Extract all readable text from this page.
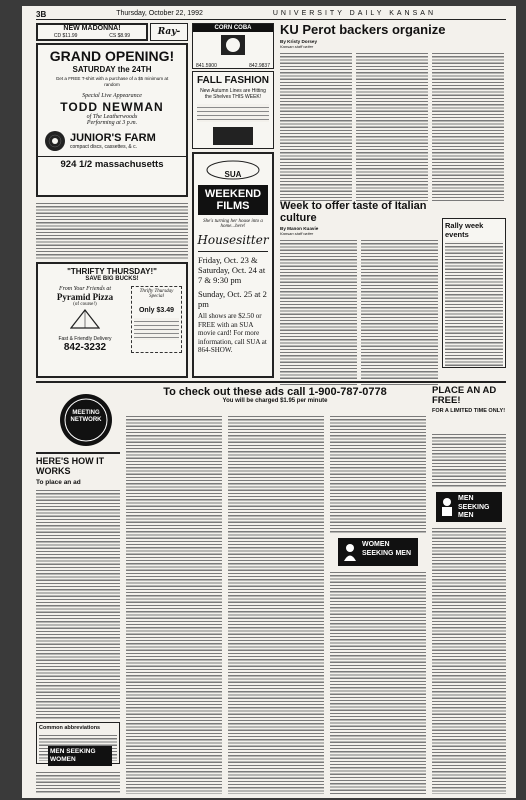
3B	Thursday, October 22, 1992	UNIVERSITY DAILY KANSAN
NEW MADONNA!
CD $11.99	CS $8.99	Ray-
GRAND OPENING!
SATURDAY the 24TH
Get a FREE T-shirt with a purchase of a $5 minimum at random
Special Live Appearance
TODD NEWMAN
of The Leatherwoods
Performing at 3 p.m.
JUNIOR'S FARM
compact discs, cassettes, & c.
924 1/2 massachusetts
"THRIFTY THURSDAY!"
SAVE BIG BUCKS!
From Your Friends at
Pyramid Pizza
(of course!)
Fast & Friendly Delivery
842-3232
Thrifty Thursday Special
Only $3.49
CORN COBA
841.5900	842.9837
FALL FASHION
New Autumn Lines are Hitting the Shelves THIS WEEK!
SUA
WEEKEND FILMS
She's turning her house into a home...here!
Housesitter
Friday, Oct. 23 & Saturday, Oct. 24 at 7 & 9:30 pm
Sunday, Oct. 25 at 2 pm
All shows are $2.50 or FREE with an SUA movie card! For more information, call SUA at 864-SHOW.
KU Perot backers organize
By Kristy Dorsey
Kansan staff writer
Week to offer taste of Italian culture
By Manon Kuavie
Kansan staff writer
Rally week events
To check out these ads call 1-900-787-0778
You will be charged $1.95 per minute
MEETING NETWORK
HERE'S HOW IT WORKS
To place an ad
Common abbreviations
MEN SEEKING WOMEN
WOMEN SEEKING MEN
PLACE AN AD FREE!
FOR A LIMITED TIME ONLY!
MEN SEEKING MEN
